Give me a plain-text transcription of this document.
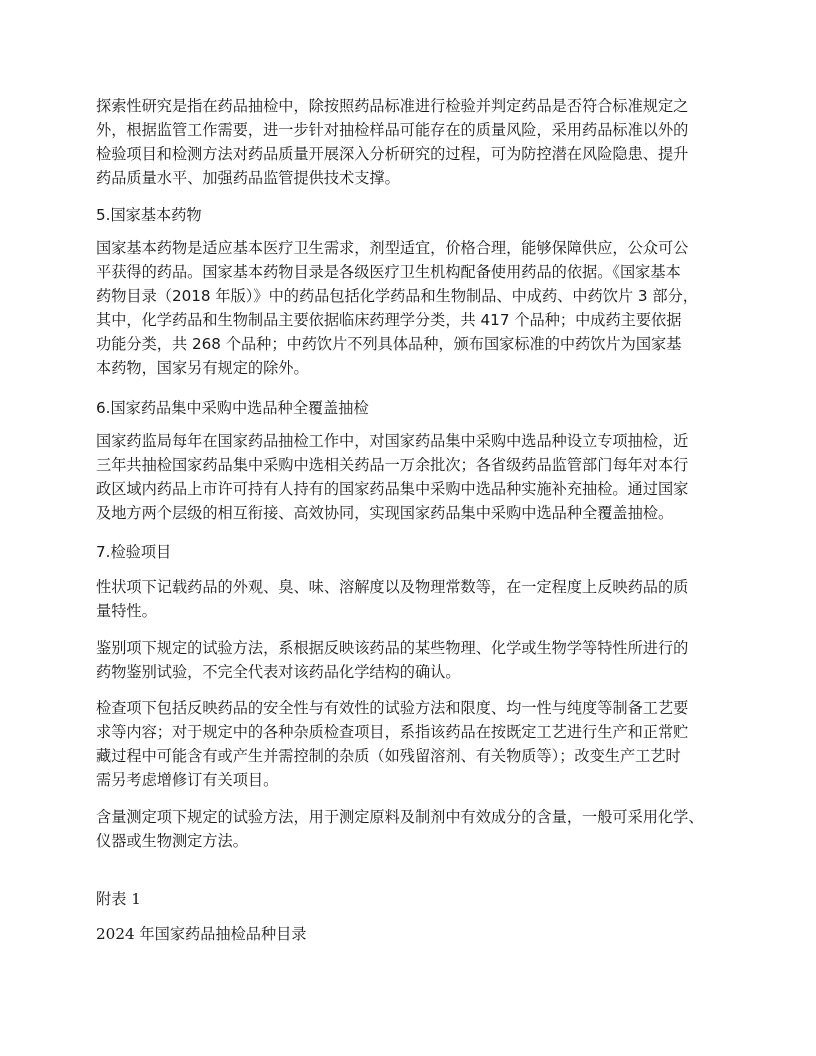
探索性研究是指在药品抽检中，除按照药品标准进行检验并判定药品是否符合标准规定之
外，根据监管工作需要，进一步针对抽检样品可能存在的质量风险，采用药品标准以外的
检验项目和检测方法对药品质量开展深入分析研究的过程，可为防控潜在风险隐患、提升
药品质量水平、加强药品监管提供技术支撑。
5.国家基本药物
国家基本药物是适应基本医疗卫生需求，剂型适宜，价格合理，能够保障供应，公众可公
平获得的药品。国家基本药物目录是各级医疗卫生机构配备使用药品的依据。《国家基本
药物目录（2018 年版）》中的药品包括化学药品和生物制品、中成药、中药饮片 3 部分，
其中，化学药品和生物制品主要依据临床药理学分类，共 417 个品种；中成药主要依据
功能分类，共 268 个品种；中药饮片不列具体品种，颁布国家标准的中药饮片为国家基
本药物，国家另有规定的除外。
6.国家药品集中采购中选品种全覆盖抽检
国家药监局每年在国家药品抽检工作中，对国家药品集中采购中选品种设立专项抽检，近
三年共抽检国家药品集中采购中选相关药品一万余批次；各省级药品监管部门每年对本行
政区域内药品上市许可持有人持有的国家药品集中采购中选品种实施补充抽检。通过国家
及地方两个层级的相互衔接、高效协同，实现国家药品集中采购中选品种全覆盖抽检。
7.检验项目
性状项下记载药品的外观、臭、味、溶解度以及物理常数等，在一定程度上反映药品的质
量特性。
鉴别项下规定的试验方法，系根据反映该药品的某些物理、化学或生物学等特性所进行的
药物鉴别试验，不完全代表对该药品化学结构的确认。
检查项下包括反映药品的安全性与有效性的试验方法和限度、均一性与纯度等制备工艺要
求等内容；对于规定中的各种杂质检查项目，系指该药品在按既定工艺进行生产和正常贮
藏过程中可能含有或产生并需控制的杂质（如残留溶剂、有关物质等）；改变生产工艺时
需另考虑增修订有关项目。
含量测定项下规定的试验方法，用于测定原料及制剂中有效成分的含量，一般可采用化学、
仪器或生物测定方法。
附表 1
2024 年国家药品抽检品种目录
